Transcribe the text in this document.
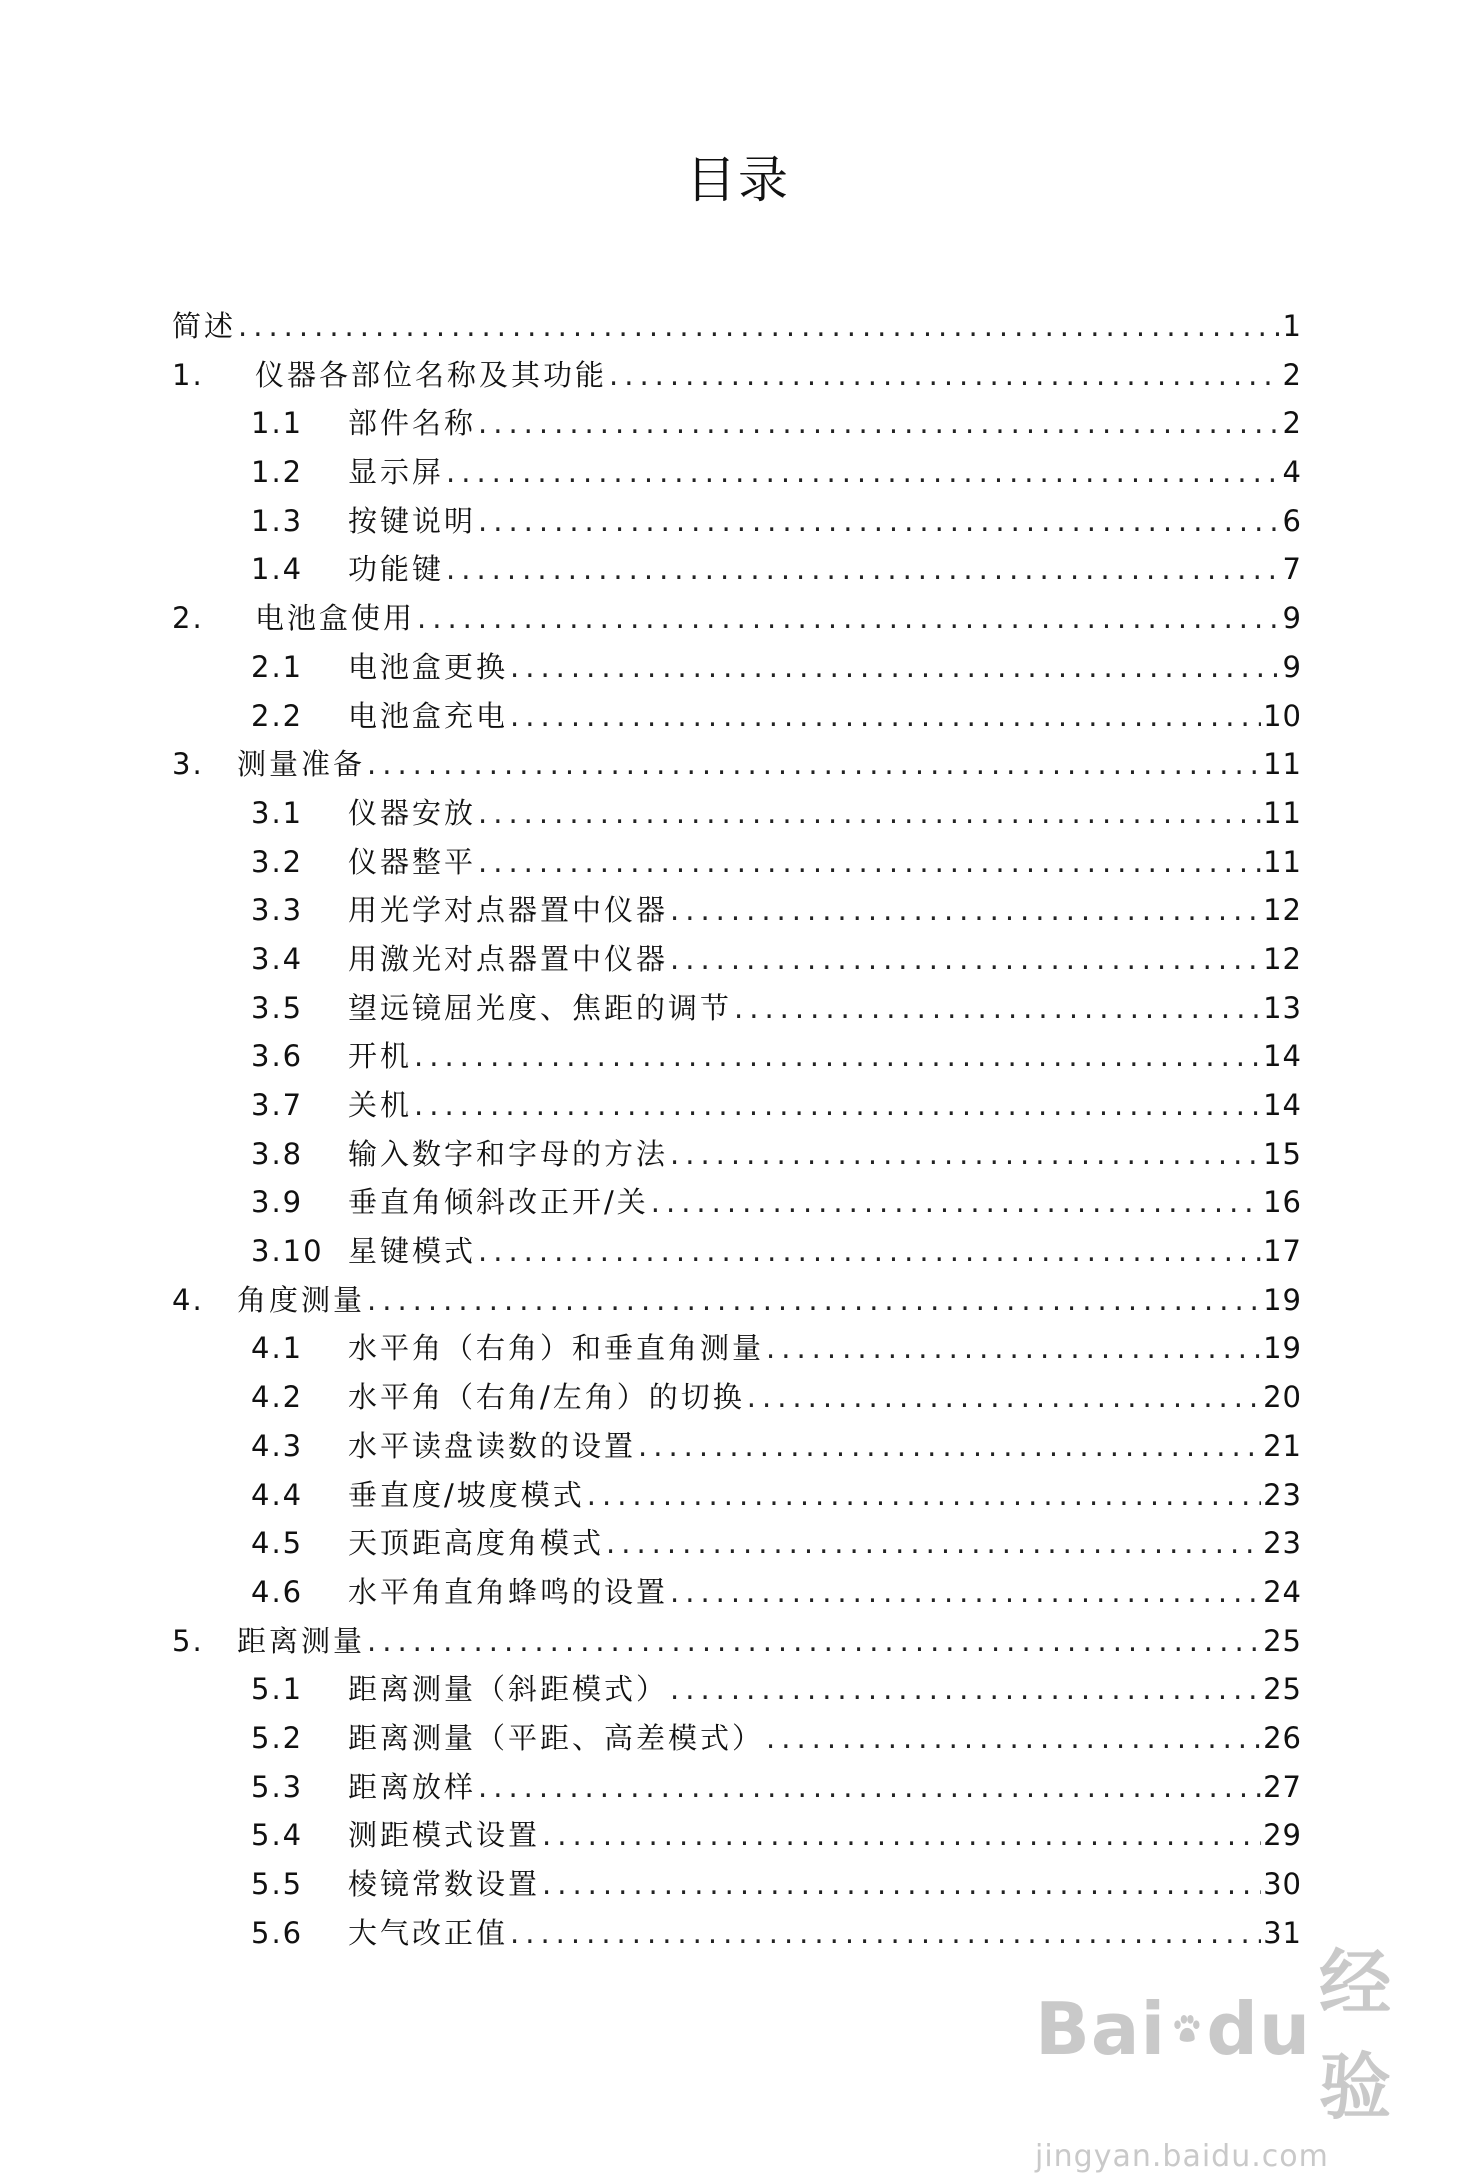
目录
简述 .....	1
1.	仪器各部位名称及其功能 .....	2
1.1	部件名称 .....	2
1.2	显示屏 .....	4
1.3	按键说明 .....	6
1.4	功能键 .....	7
2.	电池盒使用 .....	9
2.1	电池盒更换 .....	9
2.2	电池盒充电 .....	10
3.	测量准备 .....	11
3.1	仪器安放 .....	11
3.2	仪器整平 .....	11
3.3	用光学对点器置中仪器 .....	12
3.4	用激光对点器置中仪器 .....	12
3.5	望远镜屈光度、焦距的调节 .....	13
3.6	开机 .....	14
3.7	关机 .....	14
3.8	输入数字和字母的方法 .....	15
3.9	垂直角倾斜改正开/关 .....	16
3.10 星键模式 .....	17
4.	角度测量 .....	19
4.1	水平角（右角）和垂直角测量 .....	19
4.2	水平角（右角/左角）的切换 .....	20
4.3	水平读盘读数的设置 .....	21
4.4	垂直度/坡度模式 .....	23
4.5	天顶距高度角模式 .....	23
4.6	水平角直角蜂鸣的设置 .....	24
5.	距离测量 .....	25
5.1	距离测量（斜距模式） .....	25
5.2	距离测量（平距、高差模式） .....	26
5.3	距离放样 .....	27
5.4	测距模式设置 .....	29
5.5	棱镜常数设置 .....	30
5.6	大气改正值 .....	31
Bai du
经验
jingyan.baidu.com
